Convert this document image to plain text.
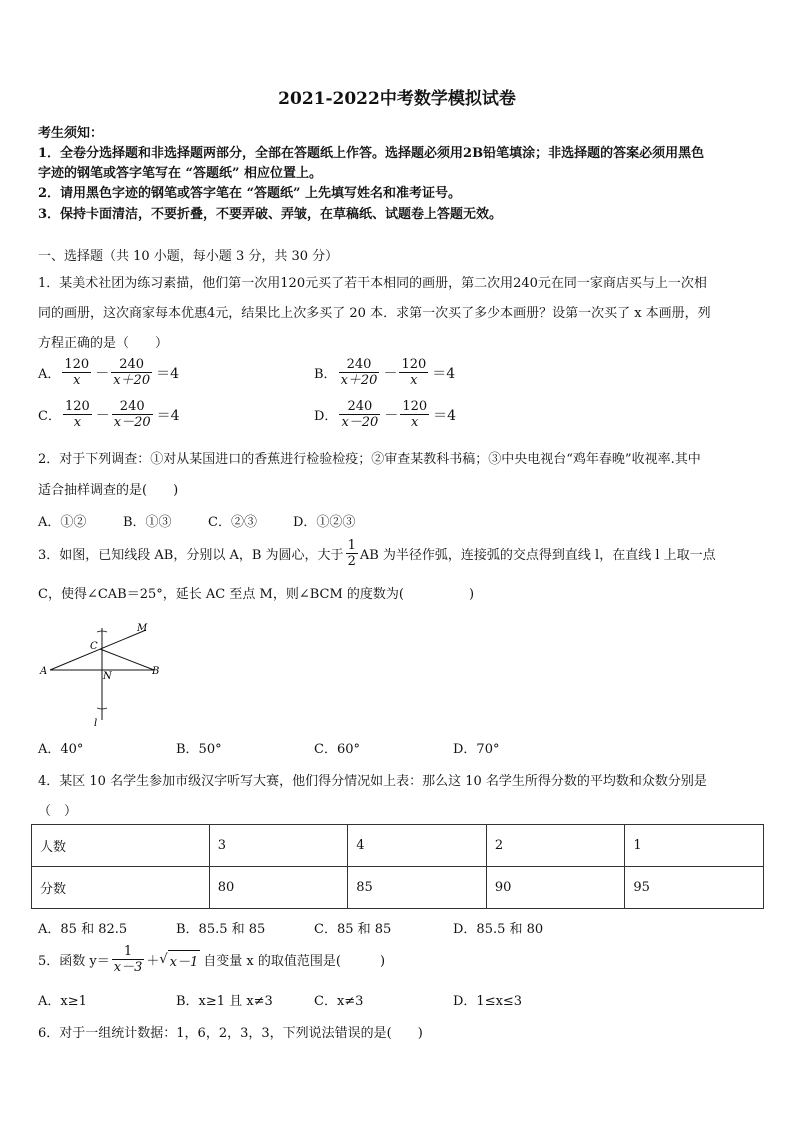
2021-2022中考数学模拟试卷
考生须知：
1．全卷分选择题和非选择题两部分，全部在答题纸上作答。选择题必须用2B铅笔填涂；非选择题的答案必须用黑色
字迹的钢笔或答字笔写在 “答题纸” 相应位置上。
2．请用黑色字迹的钢笔或答字笔在 “答题纸” 上先填写姓名和准考证号。
3．保持卡面清洁，不要折叠，不要弄破、弄皱，在草稿纸、试题卷上答题无效。
一、选择题（共 10 小题，每小题 3 分，共 30 分）
1．某美术社团为练习素描，他们第一次用120元买了若干本相同的画册，第二次用240元在同一家商店买与上一次相
同的画册，这次商家每本优惠4元，结果比上次多买了 20 本．求第一次买了多少本画册？设第一次买了 x 本画册，列
方程正确的是（　　）
A． $\frac{120}{x} - \frac{240}{x+20} =4$	B． $\frac{240}{x+20} - \frac{120}{x} =4$
C． $\frac{120}{x} - \frac{240}{x-20} =4$	D． $\frac{240}{x-20} - \frac{120}{x} =4$
2．对于下列调查：①对从某国进口的香蕉进行检验检疫；②审查某教科书稿；③中央电视台“鸡年春晚”收视率.其中
适合抽样调查的是(　　)
A．①②	B．①③	C．②③	D．①②③
3．如图，已知线段 AB，分别以 A，B 为圆心，大于 $\frac{1}{2}$ AB 为半径作弧，连接弧的交点得到直线 l，在直线 l 上取一点
C，使得∠CAB＝25°，延长 AC 至点 M，则∠BCM 的度数为(　　　　　)
M
C
A	N	B
l
A．40°	B．50°	C．60°	D．70°
4．某区 10 名学生参加市级汉字听写大赛，他们得分情况如上表：那么这 10 名学生所得分数的平均数和众数分别是
（　）
人数	3	4	2	1
分数	80	85	90	95
A．85 和 82.5	B．85.5 和 85	C．85 和 85	D．85.5 和 80
5．函数 $y= \frac{1}{x-3}$ ＋ √ x－1 自变量 x 的取值范围是(　　　)
A．x≥1	B．x≥1 且 x≠3	C．x≠3	D．1≤x≤3
6．对于一组统计数据：1，6，2，3，3，下列说法错误的是(　　)
